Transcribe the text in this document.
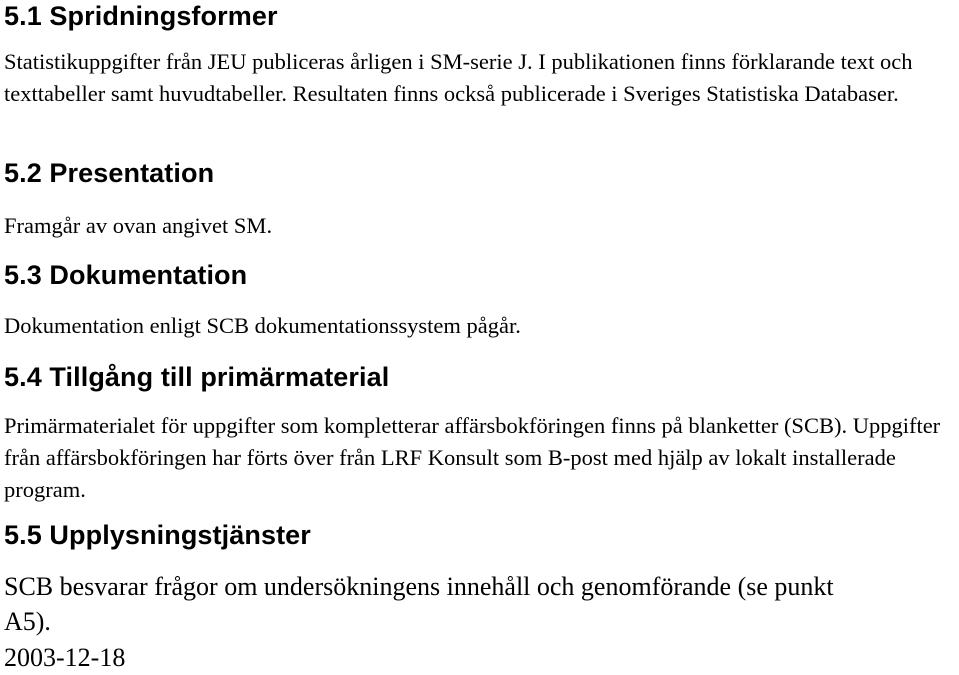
5.1 Spridningsformer

Statistikuppgifter från JEU publiceras årligen i SM-serie J. I publikationen finns förklarande text och texttabeller samt huvudtabeller. Resultaten finns också publicerade i Sveriges Statistiska Databaser.

5.2 Presentation

Framgår av ovan angivet SM.

5.3 Dokumentation

Dokumentation enligt SCB dokumentationssystem pågår.

5.4 Tillgång till primärmaterial

Primärmaterialet för uppgifter som kompletterar affärsbokföringen finns på blanketter (SCB). Uppgifter från affärsbokföringen har förts över från LRF Konsult som B-post med hjälp av lokalt installerade program.

5.5 Upplysningstjänster

SCB besvarar frågor om undersökningens innehåll och genomförande (se punkt A5).

2003-12-18
